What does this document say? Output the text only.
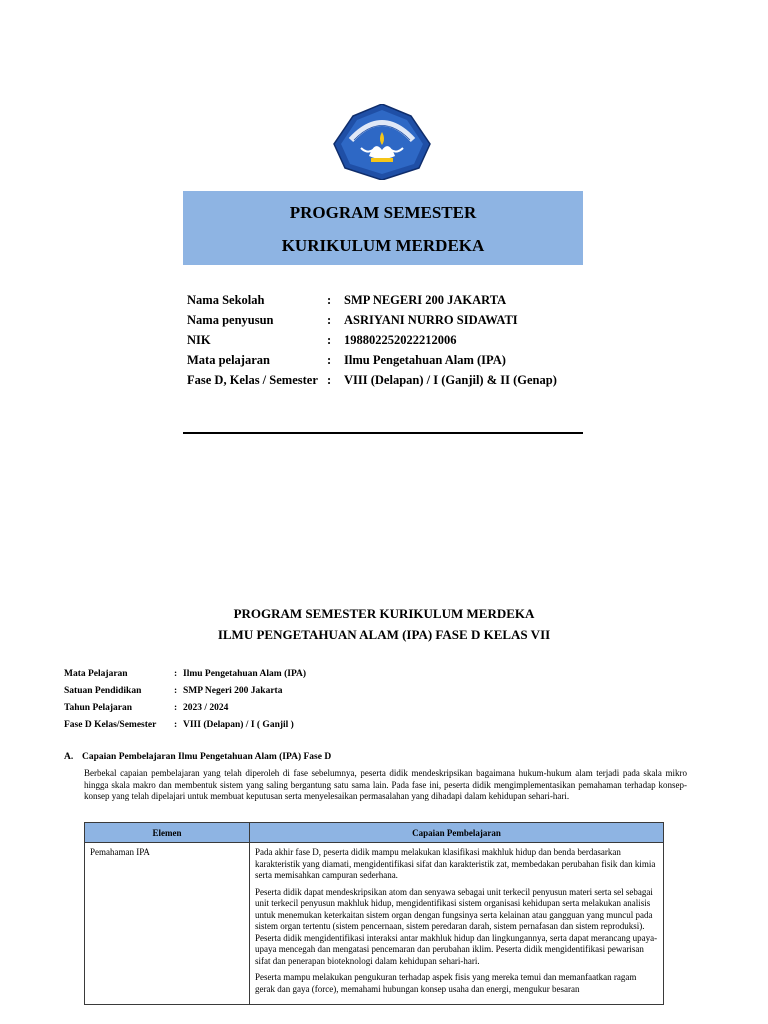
PROGRAM SEMESTER
KURIKULUM MERDEKA
Nama Sekolah	: SMP NEGERI 200 JAKARTA
Nama penyusun	: ASRIYANI NURRO SIDAWATI
NIK	: 198802252022212006
Mata pelajaran	: Ilmu Pengetahuan Alam (IPA)
Fase D, Kelas / Semester : VIII (Delapan) / I (Ganjil) & II (Genap)
PROGRAM SEMESTER KURIKULUM MERDEKA
ILMU PENGETAHUAN ALAM (IPA) FASE D KELAS VII
Mata Pelajaran	: Ilmu Pengetahuan Alam (IPA)
Satuan Pendidikan	: SMP Negeri 200 Jakarta
Tahun Pelajaran	: 2023 / 2024
Fase D Kelas/Semester : VIII (Delapan) / I ( Ganjil )
A. Capaian Pembelajaran Ilmu Pengetahuan Alam (IPA) Fase D
Berbekal capaian pembelajaran yang telah diperoleh di fase sebelumnya, peserta didik mendeskripsikan bagaimana hukum-hukum alam terjadi pada skala mikro hingga skala makro dan membentuk sistem yang saling bergantung satu sama lain. Pada fase ini, peserta didik mengimplementasikan pemahaman terhadap konsep-konsep yang telah dipelajari untuk membuat keputusan serta menyelesaikan permasalahan yang dihadapi dalam kehidupan sehari-hari.
Elemen	Capaian Pembelajaran
Pemahaman IPA	Pada akhir fase D, peserta didik mampu melakukan klasifikasi makhluk hidup dan benda berdasarkan karakteristik yang diamati, mengidentifikasi sifat dan karakteristik zat, membedakan perubahan fisik dan kimia serta memisahkan campuran sederhana.

Peserta didik dapat mendeskripsikan atom dan senyawa sebagai unit terkecil penyusun materi serta sel sebagai unit terkecil penyusun makhluk hidup, mengidentifikasi sistem organisasi kehidupan serta melakukan analisis untuk menemukan keterkaitan sistem organ dengan fungsinya serta kelainan atau gangguan yang muncul pada sistem organ tertentu (sistem pencernaan, sistem peredaran darah, sistem pernafasan dan sistem reproduksi). Peserta didik mengidentifikasi interaksi antar makhluk hidup dan lingkungannya, serta dapat merancang upaya-upaya mencegah dan mengatasi pencemaran dan perubahan iklim. Peserta didik mengidentifikasi pewarisan sifat dan penerapan bioteknologi dalam kehidupan sehari-hari.

Peserta mampu melakukan pengukuran terhadap aspek fisis yang mereka temui dan memanfaatkan ragam gerak dan gaya (force), memahami hubungan konsep usaha dan energi, mengukur besaran
